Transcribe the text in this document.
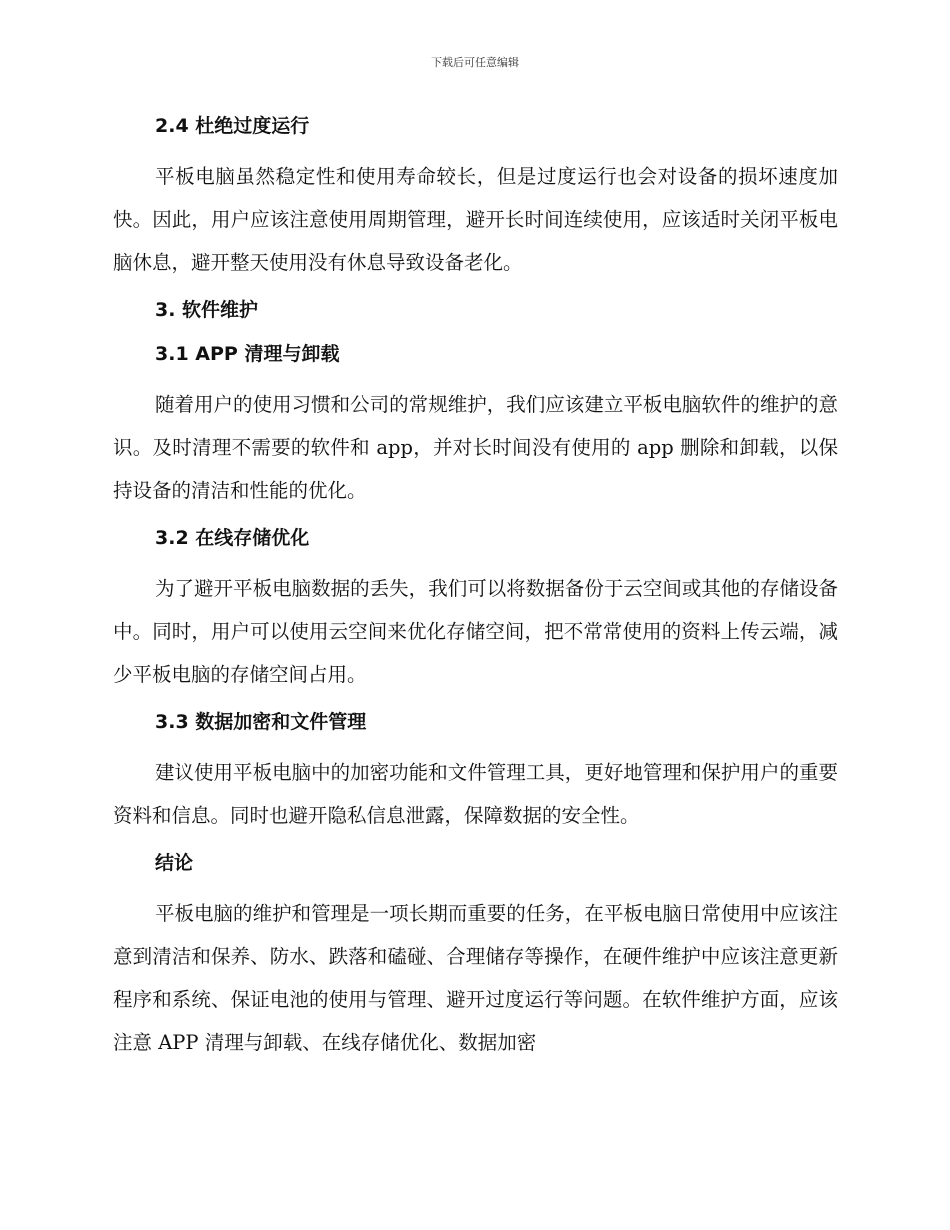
下载后可任意编辑
2.4 杜绝过度运行

平板电脑虽然稳定性和使用寿命较长，但是过度运行也会对设备的损坏速度加快。因此，用户应该注意使用周期管理，避开长时间连续使用，应该适时关闭平板电脑休息，避开整天使用没有休息导致设备老化。

3. 软件维护
3.1 APP 清理与卸载

随着用户的使用习惯和公司的常规维护，我们应该建立平板电脑软件的维护的意识。及时清理不需要的软件和 app，并对长时间没有使用的 app 删除和卸载，以保持设备的清洁和性能的优化。

3.2 在线存储优化

为了避开平板电脑数据的丢失，我们可以将数据备份于云空间或其他的存储设备中。同时，用户可以使用云空间来优化存储空间，把不常常使用的资料上传云端，减少平板电脑的存储空间占用。

3.3 数据加密和文件管理

建议使用平板电脑中的加密功能和文件管理工具，更好地管理和保护用户的重要资料和信息。同时也避开隐私信息泄露，保障数据的安全性。

结论

平板电脑的维护和管理是一项长期而重要的任务，在平板电脑日常使用中应该注意到清洁和保养、防水、跌落和磕碰、合理储存等操作，在硬件维护中应该注意更新程序和系统、保证电池的使用与管理、避开过度运行等问题。在软件维护方面，应该注意 APP 清理与卸载、在线存储优化、数据加密
